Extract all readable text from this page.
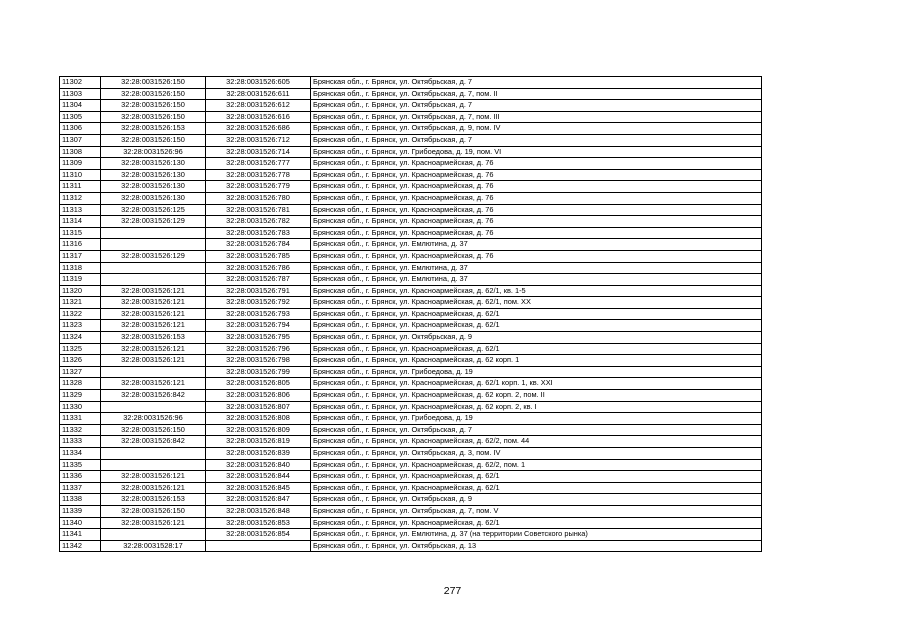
11302	32:28:0031526:150	32:28:0031526:605	Брянская обл., г. Брянск, ул. Октябрьская, д. 7
11303	32:28:0031526:150	32:28:0031526:611	Брянская обл., г. Брянск, ул. Октябрьская, д. 7, пом. II
11304	32:28:0031526:150	32:28:0031526:612	Брянская обл., г. Брянск, ул. Октябрьская, д. 7
11305	32:28:0031526:150	32:28:0031526:616	Брянская обл., г. Брянск, ул. Октябрьская, д. 7, пом. III
11306	32:28:0031526:153	32:28:0031526:686	Брянская обл., г. Брянск, ул. Октябрьская, д. 9, пом. IV
11307	32:28:0031526:150	32:28:0031526:712	Брянская обл., г. Брянск, ул. Октябрьская, д. 7
11308	32:28:0031526:96	32:28:0031526:714	Брянская обл., г. Брянск, ул. Грибоедова, д. 19, пом. VI
11309	32:28:0031526:130	32:28:0031526:777	Брянская обл., г. Брянск, ул. Красноармейская, д. 76
11310	32:28:0031526:130	32:28:0031526:778	Брянская обл., г. Брянск, ул. Красноармейская, д. 76
11311	32:28:0031526:130	32:28:0031526:779	Брянская обл., г. Брянск, ул. Красноармейская, д. 76
11312	32:28:0031526:130	32:28:0031526:780	Брянская обл., г. Брянск, ул. Красноармейская, д. 76
11313	32:28:0031526:125	32:28:0031526:781	Брянская обл., г. Брянск, ул. Красноармейская, д. 76
11314	32:28:0031526:129	32:28:0031526:782	Брянская обл., г. Брянск, ул. Красноармейская, д. 76
11315		32:28:0031526:783	Брянская обл., г. Брянск, ул. Красноармейская, д. 76
11316		32:28:0031526:784	Брянская обл., г. Брянск, ул. Емлютина, д. 37
11317	32:28:0031526:129	32:28:0031526:785	Брянская обл., г. Брянск, ул. Красноармейская, д. 76
11318		32:28:0031526:786	Брянская обл., г. Брянск, ул. Емлютина, д. 37
11319		32:28:0031526:787	Брянская обл., г. Брянск, ул. Емлютина, д. 37
11320	32:28:0031526:121	32:28:0031526:791	Брянская обл., г. Брянск, ул. Красноармейская, д. 62/1, кв. 1-5
11321	32:28:0031526:121	32:28:0031526:792	Брянская обл., г. Брянск, ул. Красноармейская, д. 62/1, пом. XX
11322	32:28:0031526:121	32:28:0031526:793	Брянская обл., г. Брянск, ул. Красноармейская, д. 62/1
11323	32:28:0031526:121	32:28:0031526:794	Брянская обл., г. Брянск, ул. Красноармейская, д. 62/1
11324	32:28:0031526:153	32:28:0031526:795	Брянская обл., г. Брянск, ул. Октябрьская, д. 9
11325	32:28:0031526:121	32:28:0031526:796	Брянская обл., г. Брянск, ул. Красноармейская, д. 62/1
11326	32:28:0031526:121	32:28:0031526:798	Брянская обл., г. Брянск, ул. Красноармейская, д. 62 корп. 1
11327		32:28:0031526:799	Брянская обл., г. Брянск, ул. Грибоедова, д. 19
11328	32:28:0031526:121	32:28:0031526:805	Брянская обл., г. Брянск, ул. Красноармейская, д. 62/1 корп. 1, кв. XXI
11329	32:28:0031526:842	32:28:0031526:806	Брянская обл., г. Брянск, ул. Красноармейская, д. 62 корп. 2, пом. II
11330		32:28:0031526:807	Брянская обл., г. Брянск, ул. Красноармейская, д. 62 корп. 2, кв. I
11331	32:28:0031526:96	32:28:0031526:808	Брянская обл., г. Брянск, ул. Грибоедова, д. 19
11332	32:28:0031526:150	32:28:0031526:809	Брянская обл., г. Брянск, ул. Октябрьская, д. 7
11333	32:28:0031526:842	32:28:0031526:819	Брянская обл., г. Брянск, ул. Красноармейская, д. 62/2, пом. 44
11334		32:28:0031526:839	Брянская обл., г. Брянск, ул. Октябрьская, д. 3, пом. IV
11335		32:28:0031526:840	Брянская обл., г. Брянск, ул. Красноармейская, д. 62/2, пом. 1
11336	32:28:0031526:121	32:28:0031526:844	Брянская обл., г. Брянск, ул. Красноармейская, д. 62/1
11337	32:28:0031526:121	32:28:0031526:845	Брянская обл., г. Брянск, ул. Красноармейская, д. 62/1
11338	32:28:0031526:153	32:28:0031526:847	Брянская обл., г. Брянск, ул. Октябрьская, д. 9
11339	32:28:0031526:150	32:28:0031526:848	Брянская обл., г. Брянск, ул. Октябрьская, д. 7, пом. V
11340	32:28:0031526:121	32:28:0031526:853	Брянская обл., г. Брянск, ул. Красноармейская, д. 62/1
11341		32:28:0031526:854	Брянская обл., г. Брянск, ул. Емлютина, д. 37 (на территории Советского рынка)
11342	32:28:0031528:17		Брянская обл., г. Брянск, ул. Октябрьская, д. 13
277
